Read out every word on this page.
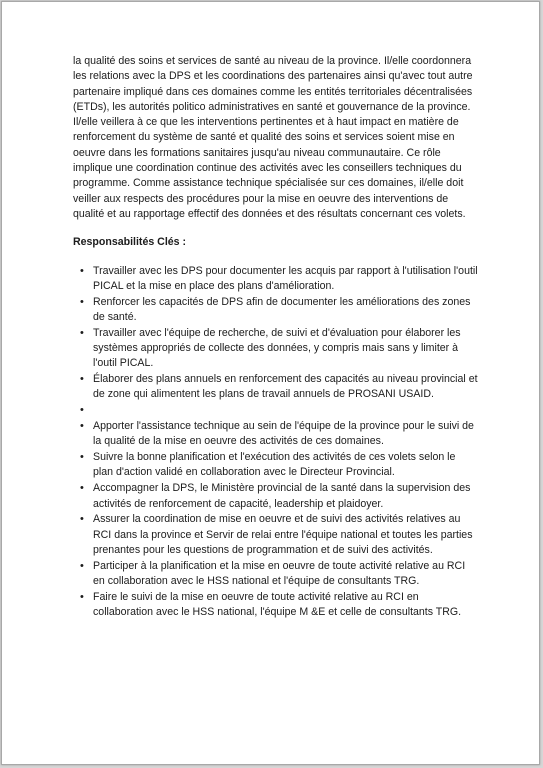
la qualité des soins et services de santé au niveau de la province. Il/elle coordonnera les relations avec la DPS et les coordinations des partenaires ainsi qu'avec tout autre partenaire impliqué dans ces domaines comme les entités territoriales décentralisées (ETDs), les autorités politico administratives en santé et gouvernance de la province. Il/elle veillera à ce que les interventions pertinentes et à haut impact en matière de renforcement du système de santé et qualité des soins et services soient mise en oeuvre dans les formations sanitaires jusqu'au niveau communautaire. Ce rôle implique une coordination continue des activités avec les conseillers techniques du programme. Comme assistance technique spécialisée sur ces domaines, il/elle doit veiller aux respects des procédures pour la mise en oeuvre des interventions de qualité et au rapportage effectif des données et des résultats concernant ces volets.

Responsabilités Clés :
• Travailler avec les DPS pour documenter les acquis par rapport à l'utilisation l'outil PICAL et la mise en place des plans d'amélioration.
• Renforcer les capacités de DPS afin de documenter les améliorations des zones de santé.
• Travailler avec l'équipe de recherche, de suivi et d'évaluation pour élaborer les systèmes appropriés de collecte des données, y compris mais sans y limiter à l'outil PICAL.
• Élaborer des plans annuels en renforcement des capacités au niveau provincial et de zone qui alimentent les plans de travail annuels de PROSANI USAID.
•
• Apporter l'assistance technique au sein de l'équipe de la province pour le suivi de la qualité de la mise en oeuvre des activités de ces domaines.
• Suivre la bonne planification et l'exécution des activités de ces volets selon le plan d'action validé en collaboration avec le Directeur Provincial.
• Accompagner la DPS, le Ministère provincial de la santé dans la supervision des activités de renforcement de capacité, leadership et plaidoyer.
• Assurer la coordination de mise en oeuvre et de suivi des activités relatives au RCI dans la province et Servir de relai entre l'équipe national et toutes les parties prenantes pour les questions de programmation et de suivi des activités.
• Participer à la planification et la mise en oeuvre de toute activité relative au RCI en collaboration avec le HSS national et l'équipe de consultants TRG.
• Faire le suivi de la mise en oeuvre de toute activité relative au RCI en collaboration avec le HSS national, l'équipe M &E et celle de consultants TRG.
